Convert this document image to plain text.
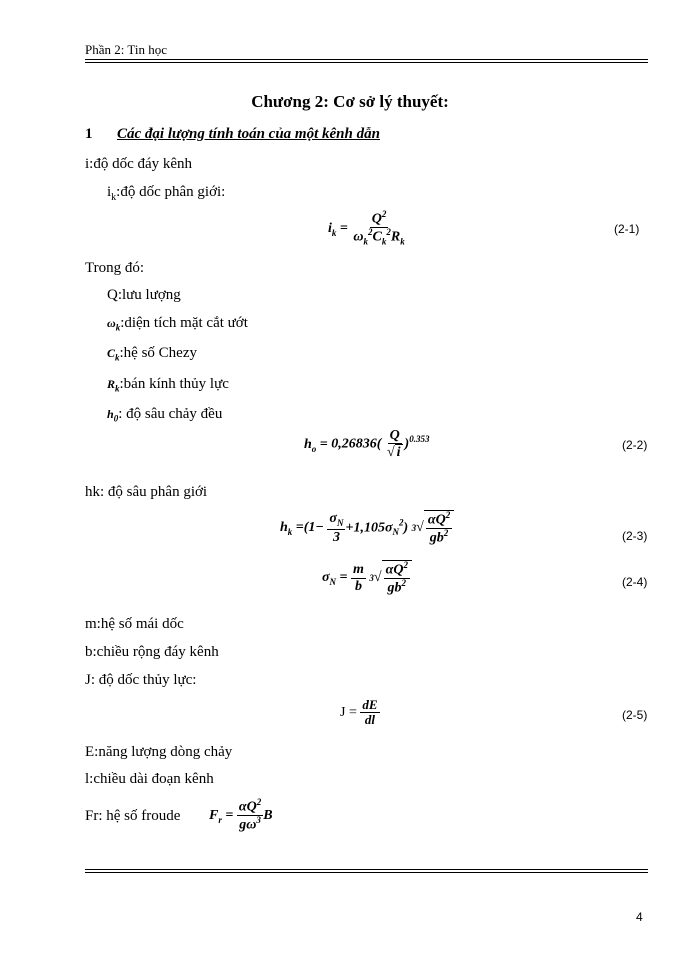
Phần 2: Tin học
Chương 2: Cơ sở lý thuyết:
1 Các đại lượng tính toán của một kênh dẫn
i:độ dốc đáy kênh
$i_k:độ$ dốc phân giới:
$i_k = \frac{Q^2}{\omega_k^2C_k^2R_k}$	(2-1)
Trong đó:
Q:lưu lượng
$\omega_k:diện$ tích mặt cắt ướt
$C_k:hệ$ số Chezy
$R_k:bán$ kính thủy lực
$h_0$: độ sâu chảy đều
$h_o = 0,26836( \frac{Q}{√ i} )^{0.353}$	(2-2)
hk: độ sâu phân giới
$h_k =(1- \frac{\sigma_N}{3} +1,105\sigma_N^2)$ 3 √ $\frac{\alpha Q^2}{gb^2}$	(2-3)
$\sigma_N = \frac{m}{b}$
3 √ $\frac{\alpha Q^2}{gb^2}$	(2-4)
m:hệ số mái dốc
b:chiều rộng đáy kênh
J: độ dốc thủy lực:
$J = \frac{dE}{dl}$	(2-5)
E:năng lượng dòng chảy
l:chiều dài đoạn kênh
Fr: hệ số froude $F_r = \frac{\alpha Q^2}{g\omega^3}$ B
4
